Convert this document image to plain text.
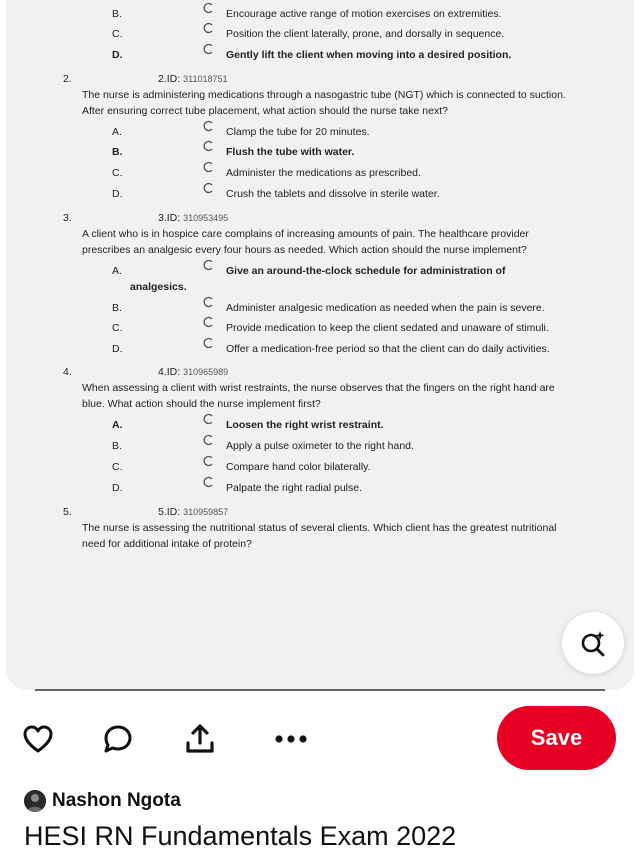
B.	Encourage active range of motion exercises on extremities.
C.	Position the client laterally, prone, and dorsally in sequence.
D.	Gently lift the client when moving into a desired position.
2.	2.ID: 311018751
The nurse is administering medications through a nasogastric tube (NGT) which is connected to suction. After ensuring correct tube placement, what action should the nurse take next?
A.	Clamp the tube for 20 minutes.
B.	Flush the tube with water.
C.	Administer the medications as prescribed.
D.	Crush the tablets and dissolve in sterile water.
3.	3.ID: 310953495
A client who is in hospice care complains of increasing amounts of pain. The healthcare provider prescribes an analgesic every four hours as needed. Which action should the nurse implement?
A.	Give an around-the-clock schedule for administration of
analgesics.
B.	Administer analgesic medication as needed when the pain is severe.
C.	Provide medication to keep the client sedated and unaware of stimuli.
D.	Offer a medication-free period so that the client can do daily activities.
4.	4.ID: 310965989
When assessing a client with wrist restraints, the nurse observes that the fingers on the right hand are blue. What action should the nurse implement first?
A.	Loosen the right wrist restraint.
B.	Apply a pulse oximeter to the right hand.
C.	Compare hand color bilaterally.
D.	Palpate the right radial pulse.
5.	5.ID: 310959857
The nurse is assessing the nutritional status of several clients. Which client has the greatest nutritional need for additional intake of protein?
Save
Nashon Ngota
HESI RN Fundamentals Exam 2022
